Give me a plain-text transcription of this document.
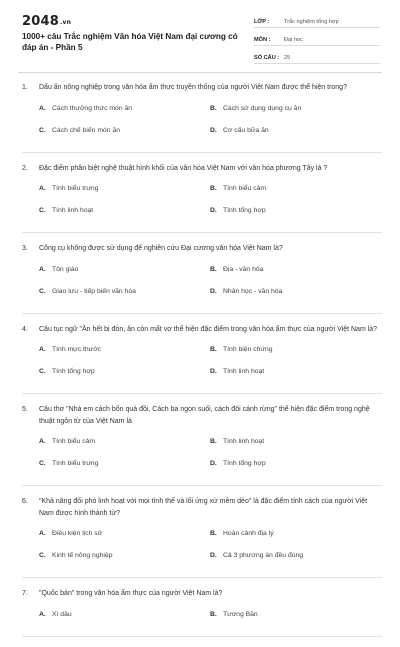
2048.vn
1000+ câu Trắc nghiệm Văn hóa Việt Nam đại cương có đáp án - Phần 5
LỚP :	Trắc nghiệm tổng hợp
MÔN :	Đại học
SỐ CÂU : 25
1.	Dấu ấn nông nghiệp trong văn hóa ẩm thực truyền thống của người Việt Nam được thể hiện trong?
A. Cách thưởng thức món ăn	B. Cách sử dụng dụng cụ ăn
C. Cách chế biến món ăn	D. Cơ cấu bữa ăn
2.	Đặc điểm phân biệt nghệ thuật hình khối của văn hóa Việt Nam với văn hóa phương Tây là ?
A. Tính biểu trưng	B. Tính biểu cảm
C. Tính linh hoạt	D. Tính tổng hợp
3.	Công cụ không được sử dụng để nghiên cứu Đại cương văn hóa Việt Nam là?
A. Tôn giáo	B. Địa - văn hóa
C. Giao lưu - tiếp biến văn hóa	D. Nhân học - văn hóa
4.	Câu tục ngữ "Ăn hết bị đòn, ăn còn mất vợ thể hiện đặc điểm trong văn hóa ẩm thực của người Việt Nam là?
A. Tính mực thước	B. Tính biện chứng
C. Tính tổng hợp	D. Tính linh hoạt
5.	Câu thơ "Nhà em cách bốn quả đồi, Cách ba ngọn suối, cách đôi cánh rừng" thể hiện đặc điểm trong nghệ thuật ngôn từ của Việt Nam là
A. Tính biểu cảm	B. Tính linh hoạt
C. Tính biểu trưng	D. Tính tổng hợp
6.	"Khả năng đối phó linh hoạt với mọi tình thế và lối ứng xử mềm dẻo" là đặc điểm tính cách của người Việt Nam được hình thành từ?
A. Điều kiện lịch sử	B. Hoàn cảnh địa lý
C. Kinh tế nông nghiệp	D. Cả 3 phương án đều đúng
7.	"Quốc bản" trong văn hóa ẩm thực của người Việt Nam là?
A. Xì dầu	B. Tương Bần
